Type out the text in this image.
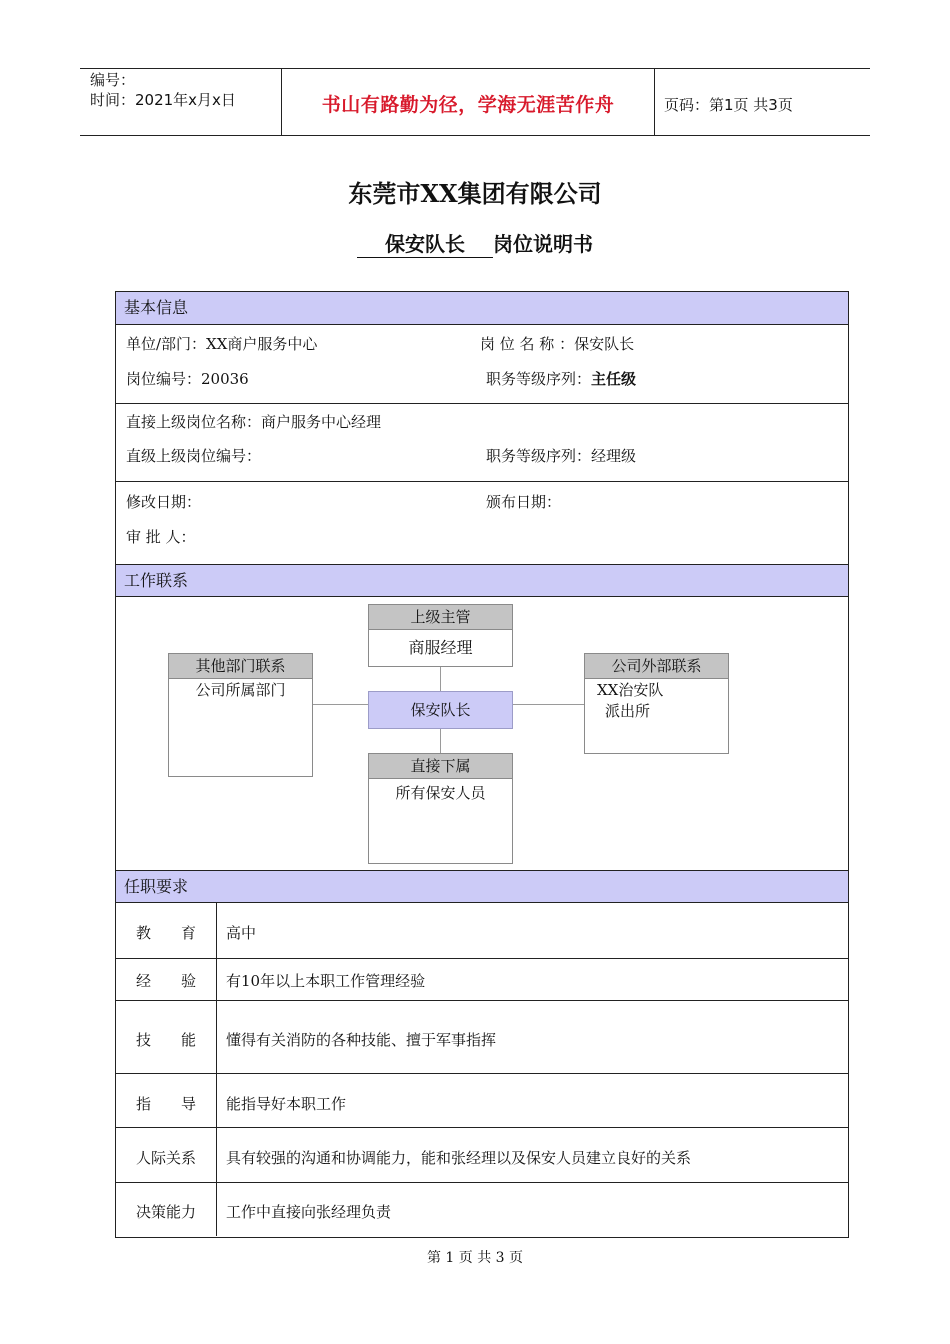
编号：
时间：2021年x月x日	书山有路勤为径，学海无涯苦作舟	页码：第1页 共3页
东莞市XX集团有限公司
保安队长 岗位说明书
基本信息
单位/部门：XX商户服务中心	岗 位 名 称 ：保安队长
岗位编号：20036	职务等级序列：主任级
直接上级岗位名称：商户服务中心经理
直级上级岗位编号：	职务等级序列：经理级
修改日期：	颁布日期：
审 批 人：
工作联系
上级主管
商服经理
保安队长
直接下属
所有保安人员
其他部门联系
公司所属部门
公司外部联系
XX治安队
派出所
任职要求
教　　育	高中
经　　验	有10年以上本职工作管理经验
技　　能	懂得有关消防的各种技能、擅于军事指挥
指　　导	能指导好本职工作
人际关系	具有较强的沟通和协调能力，能和张经理以及保安人员建立良好的关系
决策能力	工作中直接向张经理负责
第 1 页 共 3 页
